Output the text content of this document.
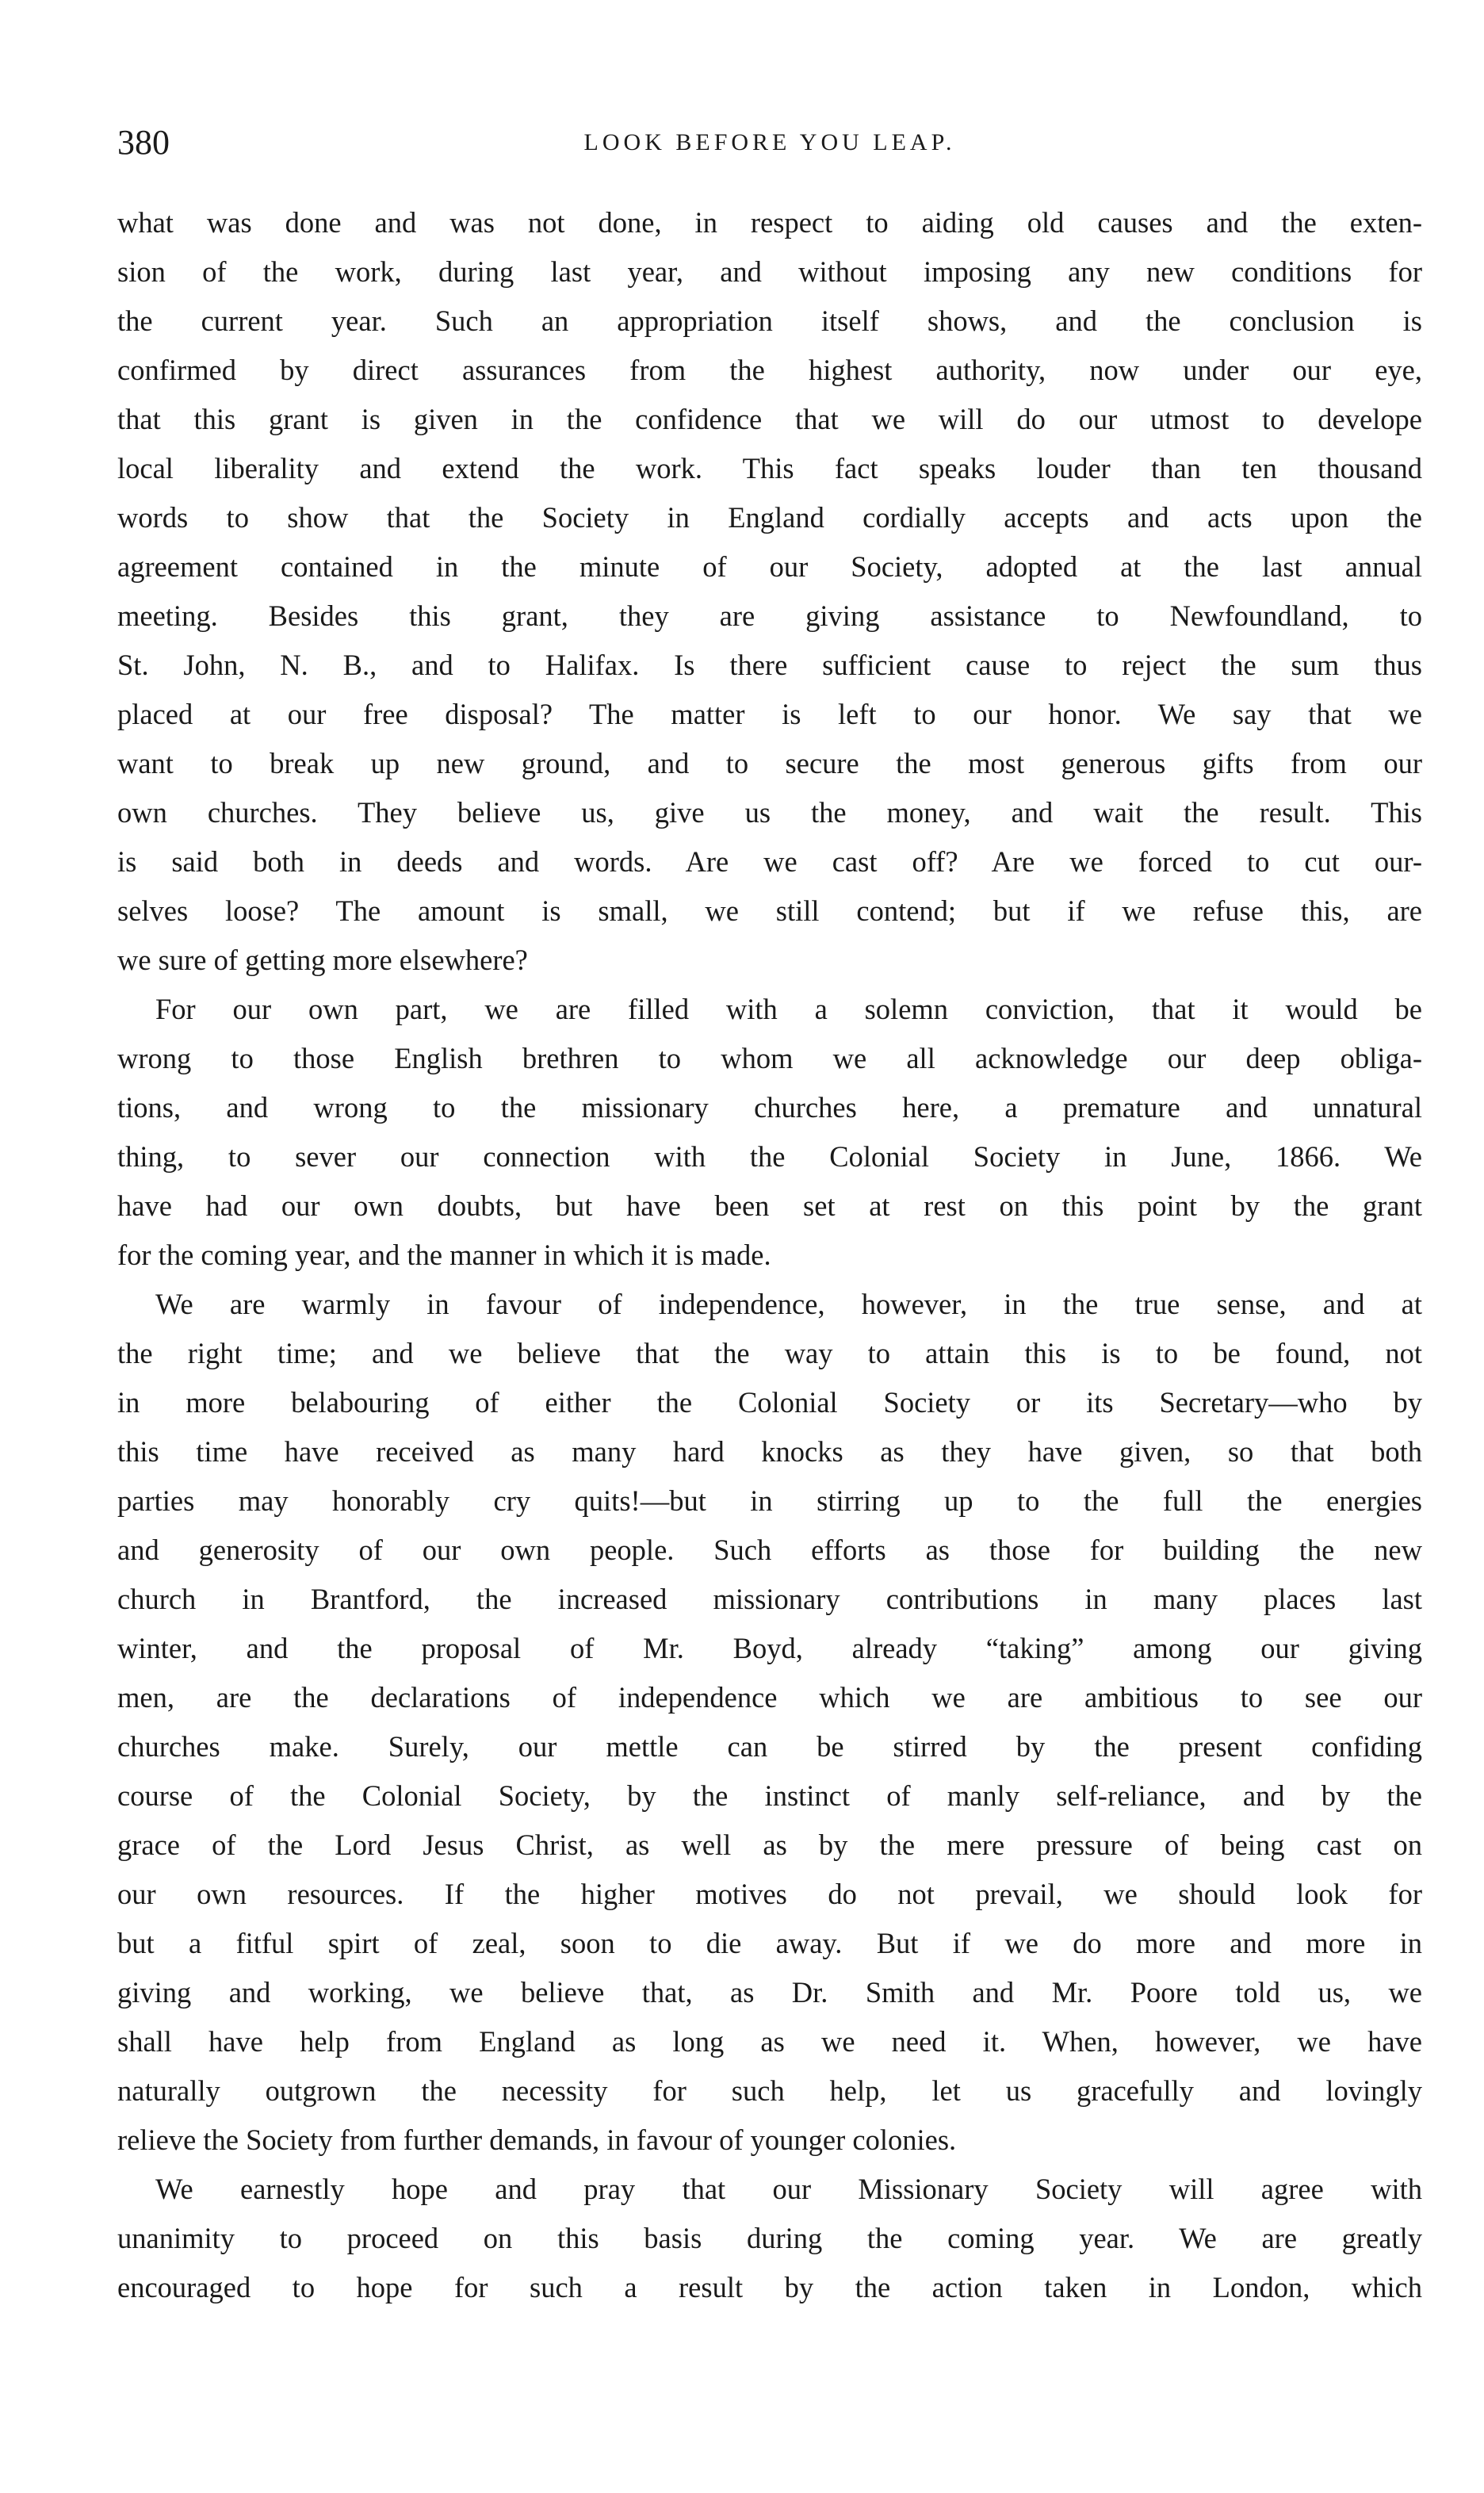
380	LOOK BEFORE YOU LEAP.

what was done and was not done, in respect to aiding old causes and the exten-
sion of the work, during last year, and without imposing any new conditions for
the current year. Such an appropriation itself shows, and the conclusion is
confirmed by direct assurances from the highest authority, now under our eye,
that this grant is given in the confidence that we will do our utmost to develope
local liberality and extend the work. This fact speaks louder than ten thousand
words to show that the Society in England cordially accepts and acts upon the
agreement contained in the minute of our Society, adopted at the last annual
meeting. Besides this grant, they are giving assistance to Newfoundland, to
St. John, N. B., and to Halifax. Is there sufficient cause to reject the sum thus
placed at our free disposal? The matter is left to our honor. We say that we
want to break up new ground, and to secure the most generous gifts from our
own churches. They believe us, give us the money, and wait the result. This
is said both in deeds and words. Are we cast off? Are we forced to cut our-
selves loose? The amount is small, we still contend; but if we refuse this, are
we sure of getting more elsewhere?

For our own part, we are filled with a solemn conviction, that it would be
wrong to those English brethren to whom we all acknowledge our deep obliga-
tions, and wrong to the missionary churches here, a premature and unnatural
thing, to sever our connection with the Colonial Society in June, 1866. We
have had our own doubts, but have been set at rest on this point by the grant
for the coming year, and the manner in which it is made.

We are warmly in favour of independence, however, in the true sense, and at
the right time; and we believe that the way to attain this is to be found, not
in more belabouring of either the Colonial Society or its Secretary—who by
this time have received as many hard knocks as they have given, so that both
parties may honorably cry quits!—but in stirring up to the full the energies
and generosity of our own people. Such efforts as those for building the new
church in Brantford, the increased missionary contributions in many places last
winter, and the proposal of Mr. Boyd, already “taking” among our giving
men, are the declarations of independence which we are ambitious to see our
churches make. Surely, our mettle can be stirred by the present confiding
course of the Colonial Society, by the instinct of manly self-reliance, and by the
grace of the Lord Jesus Christ, as well as by the mere pressure of being cast on
our own resources. If the higher motives do not prevail, we should look for
but a fitful spirt of zeal, soon to die away. But if we do more and more in
giving and working, we believe that, as Dr. Smith and Mr. Poore told us, we
shall have help from England as long as we need it. When, however, we have
naturally outgrown the necessity for such help, let us gracefully and lovingly
relieve the Society from further demands, in favour of younger colonies.

We earnestly hope and pray that our Missionary Society will agree with
unanimity to proceed on this basis during the coming year. We are greatly
encouraged to hope for such a result by the action taken in London, which
